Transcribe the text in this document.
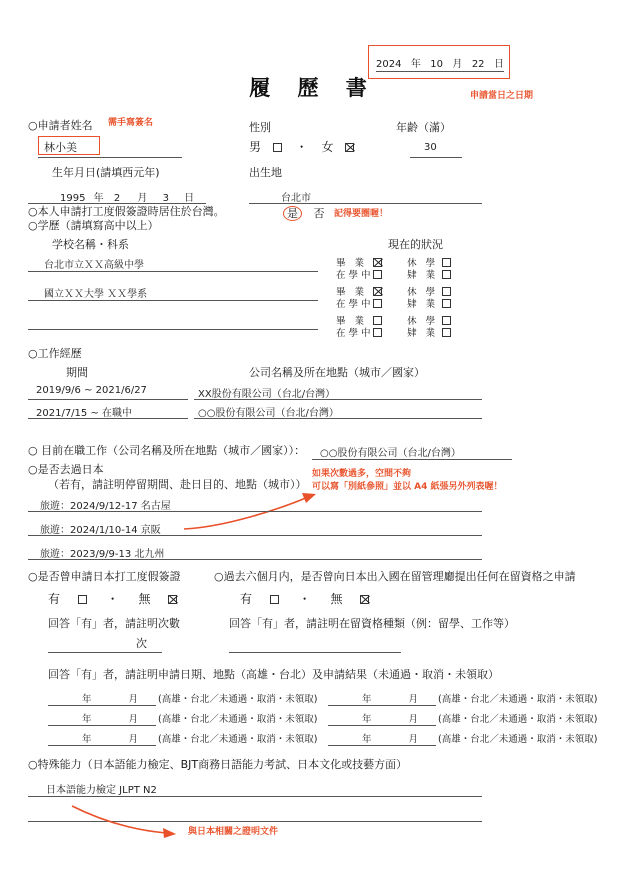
2024 年 10 月 22 日
申請當日之日期
履 歷 書
○申請者姓名 需手寫簽名
林小美
性別
男	・ 女
年齡（滿）
30
生年月日(請填西元年)
1995 年 2 月 3 日
出生地
台北市
○本人申請打工度假簽證時居住於台灣。	是 否 記得要圈喔！
○学歷（請填寫高中以上）
学校名稱・科系	現在的狀況
台北市立ＸＸ高級中學	畢 業	休 學
在學中	肄 業
國立ＸＸ大學 ＸＸ學系	畢 業	休 學
在學中	肄 業
畢 業	休 學
在學中	肄 業
○工作經歷
期間	公司名稱及所在地點（城市／國家）
2019/9/6 ~ 2021/6/27	XX股份有限公司（台北/台灣）
2021/7/15 ~ 在職中	○○股份有限公司（台北/台灣）
○ 目前在職工作（公司名稱及所在地點（城市／國家））： ○○股份有限公司（台北/台灣）
○是否去過日本
（若有，請註明停留期間、赴日目的、地點（城市））
如果次數過多，空間不夠
可以寫「別紙參照」並以 A4 紙張另外列表喔！
旅遊：2024/9/12-17 名古屋
旅遊：2024/1/10-14 京阪
旅遊：2023/9/9-13 北九州
○是否曾申請日本打工度假簽證
有	・ 無
回答「有」者，請註明次數
次
○過去六個月内，是否曾向日本出入國在留管理廳提出任何在留資格之申請
有	・ 無
回答「有」者，請註明在留資格種類（例：留學、工作等）
回答「有」者，請註明申請日期、地點（高雄・台北）及申請結果（未通過・取消・未領取）
年	月 (高雄・台北／未通過・取消・未領取)	年	月 (高雄・台北／未通過・取消・未領取)
年	月 (高雄・台北／未通過・取消・未領取)	年	月 (高雄・台北／未通過・取消・未領取)
年	月 (高雄・台北／未通過・取消・未領取)	年	月 (高雄・台北／未通過・取消・未領取)
○特殊能力（日本語能力檢定、BJT商務日語能力考試、日本文化或技藝方面）
日本語能力檢定 JLPT N2
與日本相關之證明文件
